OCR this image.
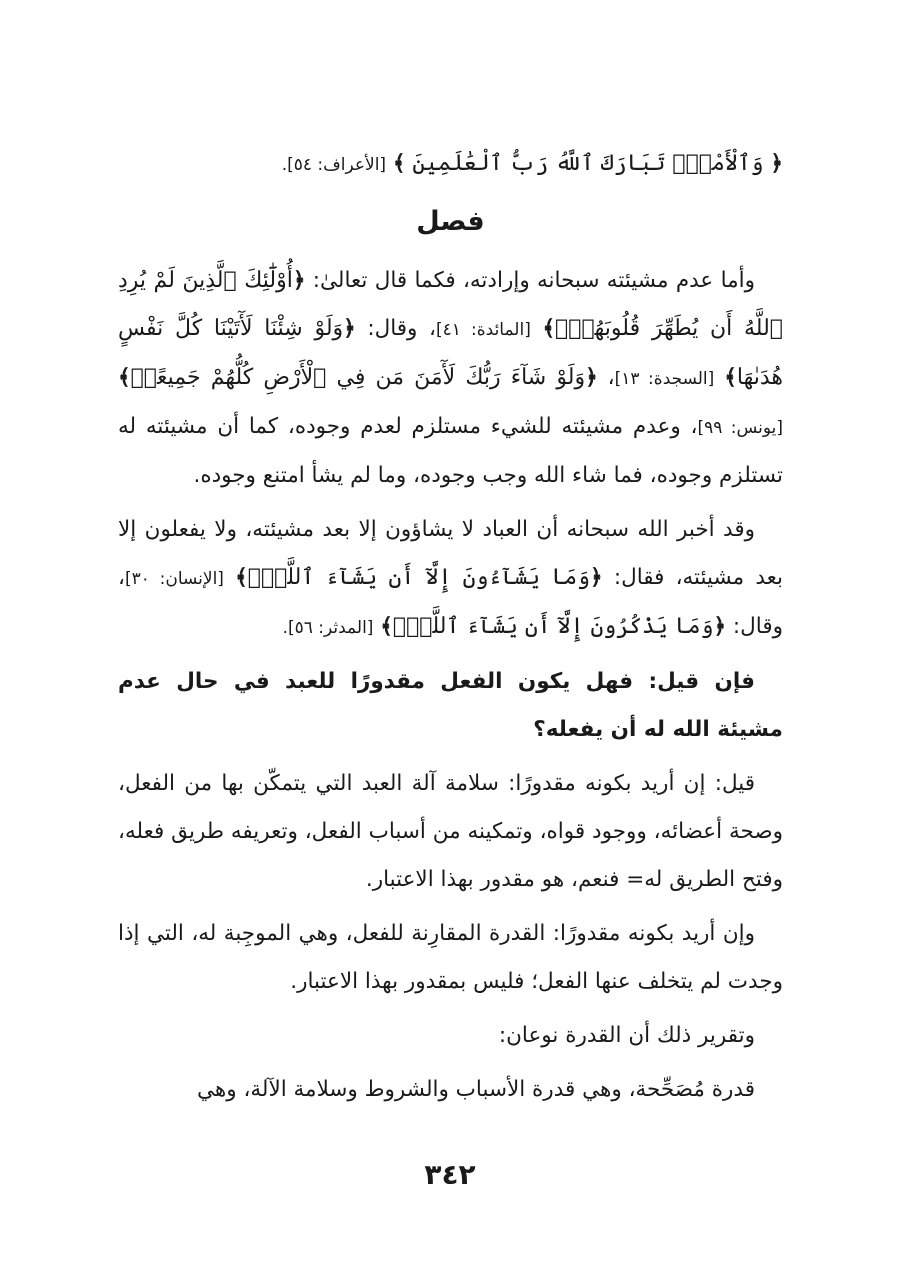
﴿ وَٱلْأَمْرُۗ تَبَارَكَ ٱللَّهُ رَبُّ ٱلْعَٰلَمِينَ ﴾ [الأعراف: ٥٤].

فصل

وأما عدم مشيئته سبحانه وإرادته، فكما قال تعالىٰ: ﴿أُوْلَٰٓئِكَ ٱلَّذِينَ لَمْ يُرِدِ ٱللَّهُ أَن يُطَهِّرَ قُلُوبَهُمْۚ﴾ [المائدة: ٤١]، وقال: ﴿وَلَوْ شِئْنَا لَأٓتَيْنَا كُلَّ نَفْسٍ هُدَىٰهَا﴾ [السجدة: ١٣]، ﴿وَلَوْ شَآءَ رَبُّكَ لَأٓمَنَ مَن فِي ٱلْأَرْضِ كُلُّهُمْ جَمِيعًاۚ﴾ [يونس: ٩٩]، وعدم مشيئته للشيء مستلزم لعدم وجوده، كما أن مشيئته له تستلزم وجوده، فما شاء الله وجب وجوده، وما لم يشأ امتنع وجوده.

وقد أخبر الله سبحانه أن العباد لا يشاؤون إلا بعد مشيئته، ولا يفعلون إلا بعد مشيئته، فقال: ﴿وَمَا يَشَآءُونَ إِلَّآ أَن يَشَآءَ ٱللَّهُۚ﴾ [الإنسان: ٣٠]، وقال: ﴿وَمَا يَذْكُرُونَ إِلَّآ أَن يَشَآءَ ٱللَّهُۚ﴾ [المدثر: ٥٦].

فإن قيل: فهل يكون الفعل مقدورًا للعبد في حال عدم مشيئة الله له أن يفعله؟

قيل: إن أريد بكونه مقدورًا: سلامة آلة العبد التي يتمكّن بها من الفعل، وصحة أعضائه، ووجود قواه، وتمكينه من أسباب الفعل، وتعريفه طريق فعله، وفتح الطريق له= فنعم، هو مقدور بهذا الاعتبار.

وإن أريد بكونه مقدورًا: القدرة المقارِنة للفعل، وهي الموجِبة له، التي إذا وجدت لم يتخلف عنها الفعل؛ فليس بمقدور بهذا الاعتبار.

وتقرير ذلك أن القدرة نوعان:

قدرة مُصَحِّحة، وهي قدرة الأسباب والشروط وسلامة الآلة، وهي

٣٤٢
